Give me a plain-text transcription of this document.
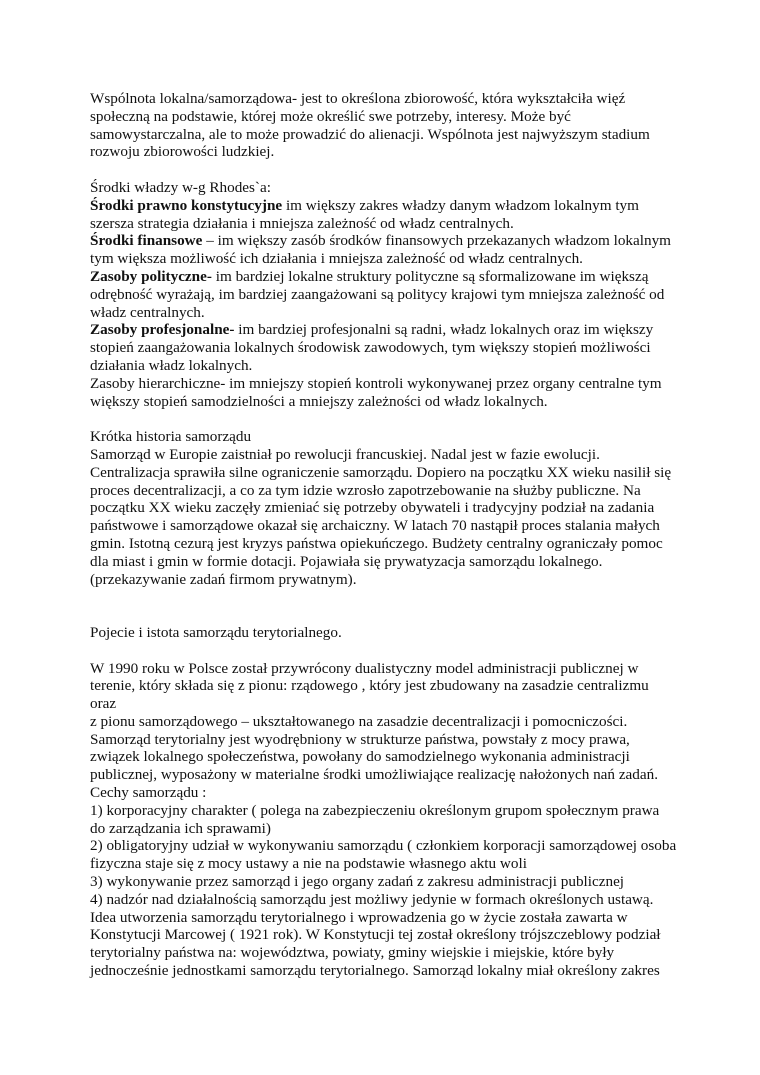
Wspólnota lokalna/samorządowa- jest to określona zbiorowość, która wykształciła więź społeczną na podstawie, której może określić swe potrzeby, interesy. Może być samowystarczalna, ale to może prowadzić do alienacji. Wspólnota jest najwyższym stadium rozwoju zbiorowości ludzkiej.

Środki władzy w-g Rhodes`a:

Środki prawno konstytucyjne im większy zakres władzy danym władzom lokalnym tym szersza strategia działania i mniejsza zależność od władz centralnych.

Środki finansowe – im większy zasób środków finansowych przekazanych władzom lokalnym tym większa możliwość ich działania i mniejsza zależność od władz centralnych.

Zasoby polityczne- im bardziej lokalne struktury polityczne są sformalizowane im większą odrębność wyrażają, im bardziej zaangażowani są politycy krajowi tym mniejsza zależność od władz centralnych.

Zasoby profesjonalne- im bardziej profesjonalni są radni, władz lokalnych oraz im większy stopień zaangażowania lokalnych środowisk zawodowych, tym większy stopień możliwości działania władz lokalnych.

Zasoby hierarchiczne- im mniejszy stopień kontroli wykonywanej przez organy centralne tym większy stopień samodzielności a mniejszy zależności od władz lokalnych.

Krótka historia samorządu

Samorząd w Europie zaistniał po rewolucji francuskiej. Nadal jest w fazie ewolucji. Centralizacja sprawiła silne ograniczenie samorządu. Dopiero na początku XX wieku nasilił się proces decentralizacji, a co za tym idzie wzrosło zapotrzebowanie na służby publiczne. Na początku XX wieku zaczęły zmieniać się potrzeby obywateli i tradycyjny podział na zadania państwowe i samorządowe okazał się archaiczny. W latach 70 nastąpił proces stalania małych gmin. Istotną cezurą jest kryzys państwa opiekuńczego. Budżety centralny ograniczały pomoc dla miast i gmin w formie dotacji. Pojawiała się prywatyzacja samorządu lokalnego. (przekazywanie zadań firmom prywatnym).

Pojecie i istota samorządu terytorialnego.

W 1990 roku w Polsce został przywrócony dualistyczny model administracji publicznej w terenie, który składa się z pionu: rządowego , który jest zbudowany na zasadzie centralizmu oraz

z pionu samorządowego – ukształtowanego na zasadzie decentralizacji i pomocniczości.

Samorząd terytorialny jest wyodrębniony w strukturze państwa, powstały z mocy prawa, związek lokalnego społeczeństwa, powołany do samodzielnego wykonania administracji publicznej, wyposażony w materialne środki umożliwiające realizację nałożonych nań zadań.

Cechy samorządu :

1) korporacyjny charakter ( polega na zabezpieczeniu określonym grupom społecznym prawa do zarządzania ich sprawami)

2) obligatoryjny udział w wykonywaniu samorządu ( członkiem korporacji samorządowej osoba fizyczna staje się z mocy ustawy a nie na podstawie własnego aktu woli

3) wykonywanie przez samorząd i jego organy zadań z zakresu administracji publicznej

4) nadzór nad działalnością samorządu jest możliwy jedynie w formach określonych ustawą.

Idea utworzenia samorządu terytorialnego i wprowadzenia go w życie została zawarta w Konstytucji Marcowej ( 1921 rok). W Konstytucji tej został określony trójszczeblowy podział terytorialny państwa na: województwa, powiaty, gminy wiejskie i miejskie, które były jednocześnie jednostkami samorządu terytorialnego. Samorząd lokalny miał określony zakres
